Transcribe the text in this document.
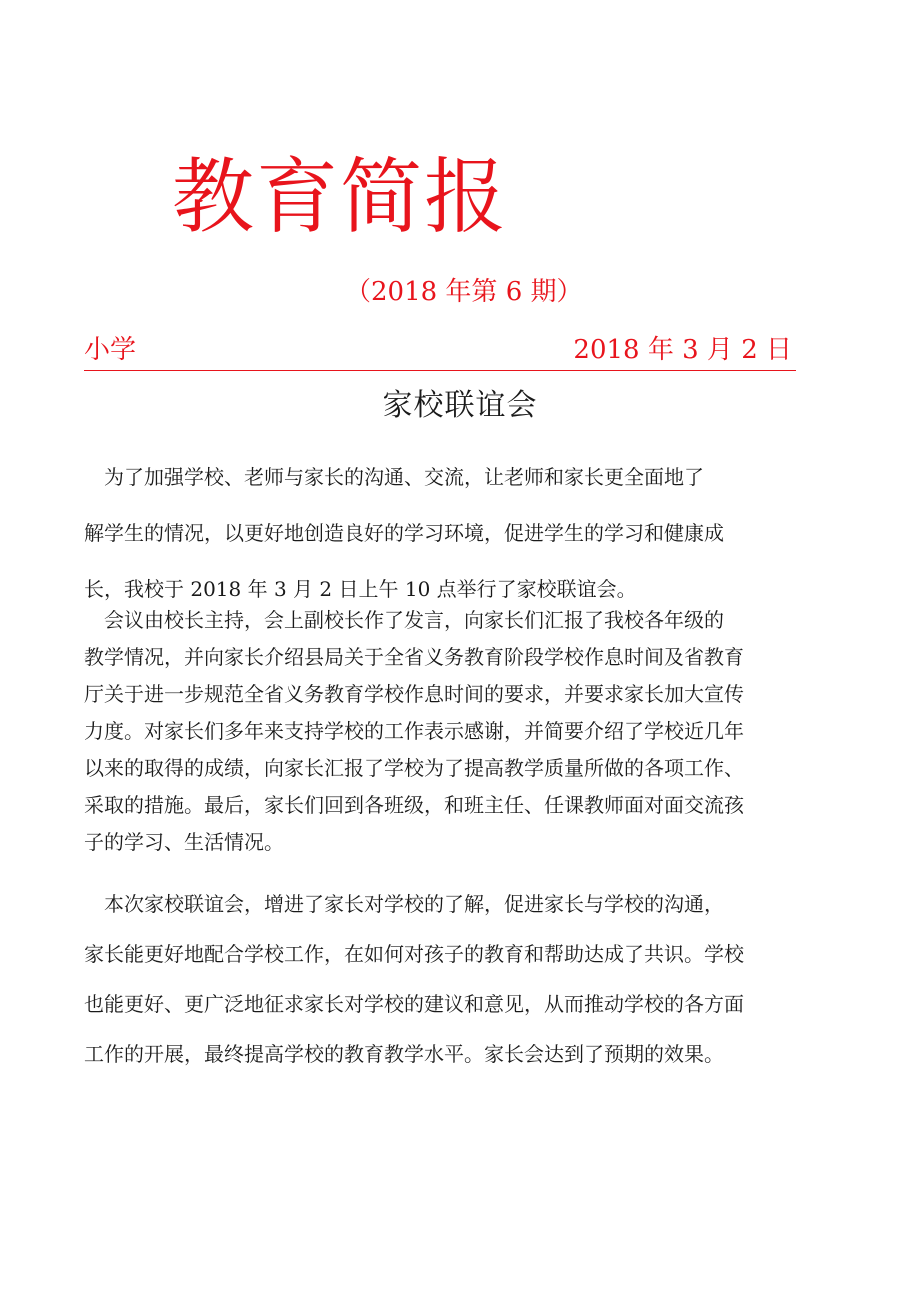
教育简报
（2018 年第 6 期）
小学	2018 年 3 月 2 日
家校联谊会
　为了加强学校、老师与家长的沟通、交流，让老师和家长更全面地了
解学生的情况，以更好地创造良好的学习环境，促进学生的学习和健康成
长，我校于 2018 年 3 月 2 日上午 10 点举行了家校联谊会。
　会议由校长主持，会上副校长作了发言，向家长们汇报了我校各年级的
教学情况，并向家长介绍县局关于全省义务教育阶段学校作息时间及省教育
厅关于进一步规范全省义务教育学校作息时间的要求，并要求家长加大宣传
力度。对家长们多年来支持学校的工作表示感谢，并简要介绍了学校近几年
以来的取得的成绩，向家长汇报了学校为了提高教学质量所做的各项工作、
采取的措施。最后，家长们回到各班级，和班主任、任课教师面对面交流孩
子的学习、生活情况。
　本次家校联谊会，增进了家长对学校的了解，促进家长与学校的沟通，
家长能更好地配合学校工作，在如何对孩子的教育和帮助达成了共识。学校
也能更好、更广泛地征求家长对学校的建议和意见，从而推动学校的各方面
工作的开展，最终提高学校的教育教学水平。家长会达到了预期的效果。
